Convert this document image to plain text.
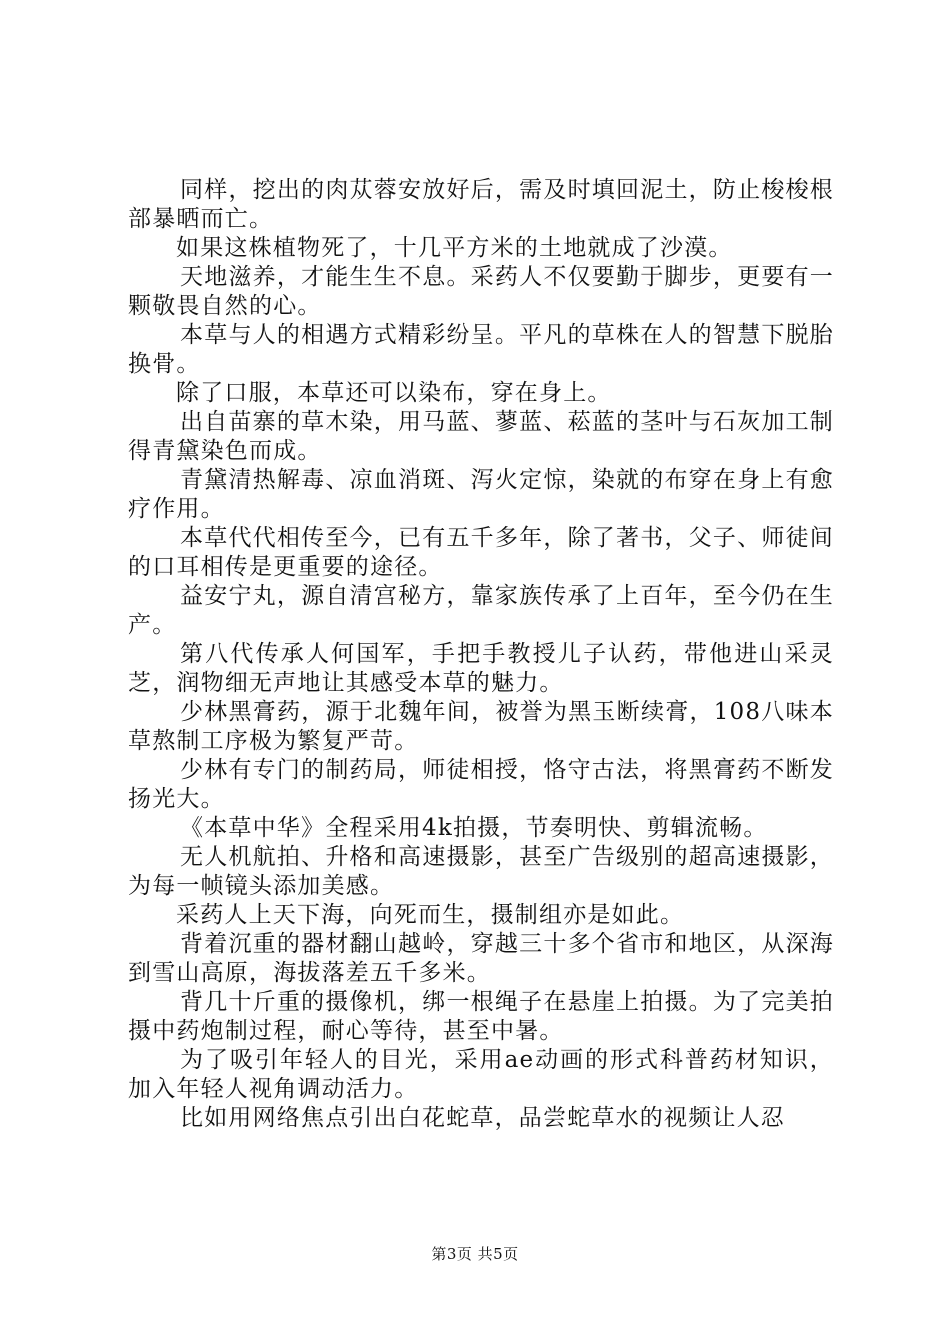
同样，挖出的肉苁蓉安放好后，需及时填回泥土，防止梭梭根部暴晒而亡。

如果这株植物死了，十几平方米的土地就成了沙漠。

天地滋养，才能生生不息。采药人不仅要勤于脚步，更要有一颗敬畏自然的心。

本草与人的相遇方式精彩纷呈。平凡的草株在人的智慧下脱胎换骨。

除了口服，本草还可以染布，穿在身上。

出自苗寨的草木染，用马蓝、蓼蓝、菘蓝的茎叶与石灰加工制得青黛染色而成。

青黛清热解毒、凉血消斑、泻火定惊，染就的布穿在身上有愈疗作用。

本草代代相传至今，已有五千多年，除了著书，父子、师徒间的口耳相传是更重要的途径。

益安宁丸，源自清宫秘方，靠家族传承了上百年，至今仍在生产。

第八代传承人何国军，手把手教授儿子认药，带他进山采灵芝，润物细无声地让其感受本草的魅力。

少林黑膏药，源于北魏年间，被誉为黑玉断续膏，108八味本草熬制工序极为繁复严苛。

少林有专门的制药局，师徒相授，恪守古法，将黑膏药不断发扬光大。

《本草中华》全程采用4k拍摄，节奏明快、剪辑流畅。

无人机航拍、升格和高速摄影，甚至广告级别的超高速摄影，为每一帧镜头添加美感。

采药人上天下海，向死而生，摄制组亦是如此。

背着沉重的器材翻山越岭，穿越三十多个省市和地区，从深海到雪山高原，海拔落差五千多米。

背几十斤重的摄像机，绑一根绳子在悬崖上拍摄。为了完美拍摄中药炮制过程，耐心等待，甚至中暑。

为了吸引年轻人的目光，采用ae动画的形式科普药材知识，加入年轻人视角调动活力。

比如用网络焦点引出白花蛇草，品尝蛇草水的视频让人忍

第3页 共5页
